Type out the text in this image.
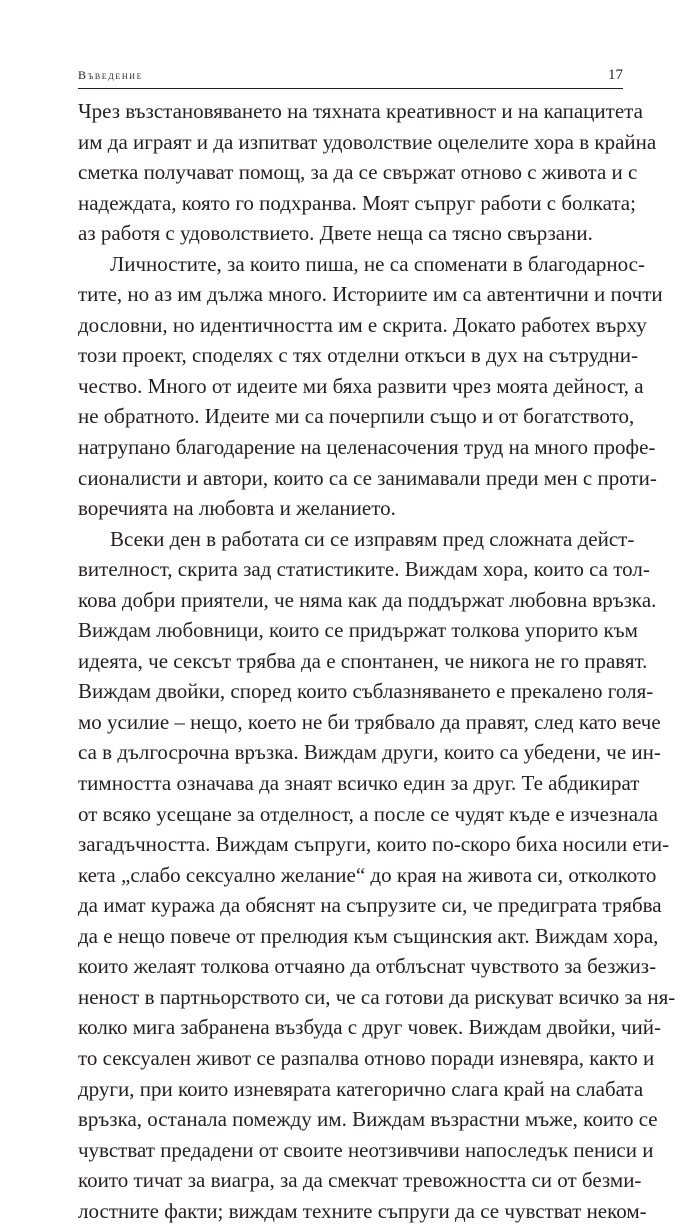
Въведение	17
Чрез възстановяването на тяхната креативност и на капацитета
им да играят и да изпитват удоволствие оцелелите хора в крайна
сметка получават помощ, за да се свържат отново с живота и с
надеждата, която го подхранва. Моят съпруг работи с болката;
аз работя с удоволствието. Двете неща са тясно свързани.
Личностите, за които пиша, не са споменати в благодарнос-
тите, но аз им дължа много. Историите им са автентични и почти
дословни, но идентичността им е скрита. Докато работех върху
този проект, споделях с тях отделни откъси в дух на сътрудни-
чество. Много от идеите ми бяха развити чрез моята дейност, а
не обратното. Идеите ми са почерпили също и от богатството,
натрупано благодарение на целенасочения труд на много профе-
сионалисти и автори, които са се занимавали преди мен с проти-
воречията на любовта и желанието.
Всеки ден в работата си се изправям пред сложната дейст-
вителност, скрита зад статистиките. Виждам хора, които са тол-
кова добри приятели, че няма как да поддържат любовна връзка.
Виждам любовници, които се придържат толкова упорито към
идеята, че сексът трябва да е спонтанен, че никога не го правят.
Виждам двойки, според които съблазняването е прекалено голя-
мо усилие – нещо, което не би трябвало да правят, след като вече
са в дългосрочна връзка. Виждам други, които са убедени, че ин-
тимността означава да знаят всичко един за друг. Те абдикират
от всяко усещане за отделност, а после се чудят къде е изчезнала
загадъчността. Виждам съпруги, които по-скоро биха носили ети-
кета „слабо сексуално желание“ до края на живота си, отколкото
да имат куража да обяснят на съпрузите си, че предиграта трябва
да е нещо повече от прелюдия към същинския акт. Виждам хора,
които желаят толкова отчаяно да отблъснат чувството за безжиз-
неност в партньорството си, че са готови да рискуват всичко за ня-
колко мига забранена възбуда с друг човек. Виждам двойки, чий-
то сексуален живот се разпалва отново поради изневяра, както и
други, при които изневярата категорично слага край на слабата
връзка, останала помежду им. Виждам възрастни мъже, които се
чувстват предадени от своите неотзивчиви напоследък пениси и
които тичат за виагра, за да смекчат тревожността си от безми-
лостните факти; виждам техните съпруги да се чувстват неком-
